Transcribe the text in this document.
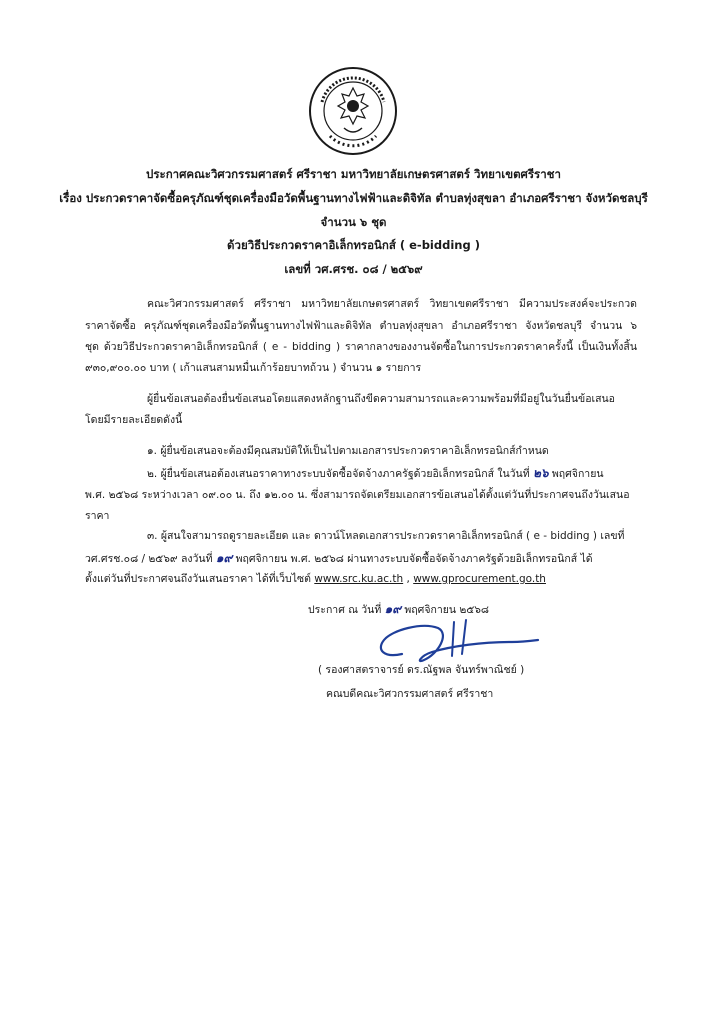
ประกาศคณะวิศวกรรมศาสตร์ ศรีราชา มหาวิทยาลัยเกษตรศาสตร์ วิทยาเขตศรีราชา
เรื่อง ประกวดราคาจัดซื้อครุภัณฑ์ชุดเครื่องมือวัดพื้นฐานทางไฟฟ้าและดิจิทัล ตำบลทุ่งสุขลา อำเภอศรีราชา จังหวัดชลบุรี
จำนวน ๖ ชุด
ด้วยวิธีประกวดราคาอิเล็กทรอนิกส์ ( e-bidding )
เลขที่ วศ.ศรช. ๐๘ / ๒๕๖๙
คณะวิศวกรรมศาสตร์ ศรีราชา มหาวิทยาลัยเกษตรศาสตร์ วิทยาเขตศรีราชา มีความประสงค์จะประกวด
ราคาจัดซื้อ ครุภัณฑ์ชุดเครื่องมือวัดพื้นฐานทางไฟฟ้าและดิจิทัล ตำบลทุ่งสุขลา อำเภอศรีราชา จังหวัดชลบุรี จำนวน ๖
ชุด ด้วยวิธีประกวดราคาอิเล็กทรอนิกส์ ( e - bidding ) ราคากลางของงานจัดซื้อในการประกวดราคาครั้งนี้ เป็นเงินทั้งสิ้น
๙๓๐,๙๐๐.๐๐ บาท ( เก้าแสนสามหมื่นเก้าร้อยบาทถ้วน ) จำนวน ๑ รายการ
ผู้ยื่นข้อเสนอต้องยื่นข้อเสนอโดยแสดงหลักฐานถึงขีดความสามารถและความพร้อมที่มีอยู่ในวันยื่นข้อเสนอ
โดยมีรายละเอียดดังนี้
๑. ผู้ยื่นข้อเสนอจะต้องมีคุณสมบัติให้เป็นไปตามเอกสารประกวดราคาอิเล็กทรอนิกส์กำหนด
๒. ผู้ยื่นข้อเสนอต้องเสนอราคาทางระบบจัดซื้อจัดจ้างภาครัฐด้วยอิเล็กทรอนิกส์ ในวันที่ ๒๖ พฤศจิกายน
พ.ศ. ๒๕๖๘ ระหว่างเวลา ๐๙.๐๐ น. ถึง ๑๒.๐๐ น. ซึ่งสามารถจัดเตรียมเอกสารข้อเสนอได้ตั้งแต่วันที่ประกาศจนถึงวันเสนอ
ราคา
๓. ผู้สนใจสามารถดูรายละเอียด และ ดาวน์โหลดเอกสารประกวดราคาอิเล็กทรอนิกส์ ( e - bidding ) เลขที่
วศ.ศรช.๐๘ / ๒๕๖๙ ลงวันที่ ๑๙ พฤศจิกายน พ.ศ. ๒๕๖๘ ผ่านทางระบบจัดซื้อจัดจ้างภาครัฐด้วยอิเล็กทรอนิกส์ ได้
ตั้งแต่วันที่ประกาศจนถึงวันเสนอราคา ได้ที่เว็บไซต์ www.src.ku.ac.th , www.gprocurement.go.th
ประกาศ ณ วันที่ ๑๙ พฤศจิกายน ๒๕๖๘
( รองศาสตราจารย์ ดร.ณัฐพล จันทร์พาณิชย์ )
คณบดีคณะวิศวกรรมศาสตร์ ศรีราชา
